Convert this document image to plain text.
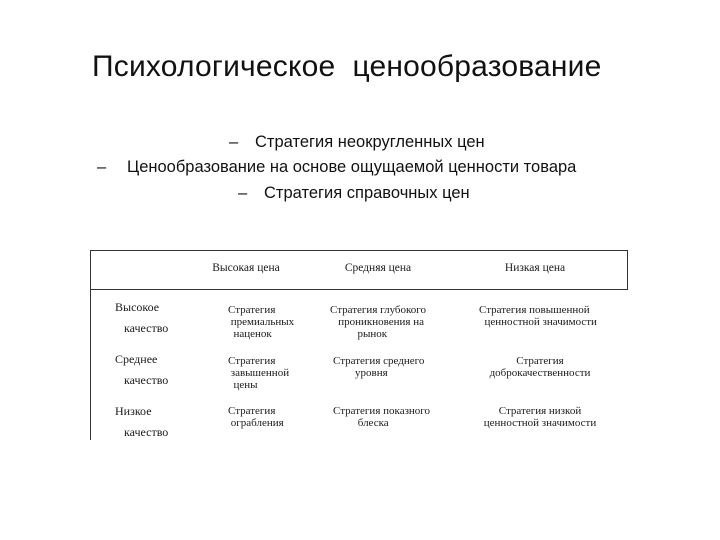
Психологическое  ценообразование
– Стратегия неокругленных цен
– Ценообразование на основе ощущаемой ценности товара
– Стратегия справочных цен
Высокая цена	Средняя цена	Низкая цена
Высокое
качество
Стратегия
премиальных
наценок
Стратегия глубокого
проникновения на
рынок
Стратегия повышенной
ценностной значимости
Среднее
качество
Стратегия
завышенной
цены
Стратегия среднего
уровня
Стратегия
доброкачественности
Низкое
качество
Стратегия
ограбления
Стратегия показного
блеска
Стратегия низкой
ценностной значимости
